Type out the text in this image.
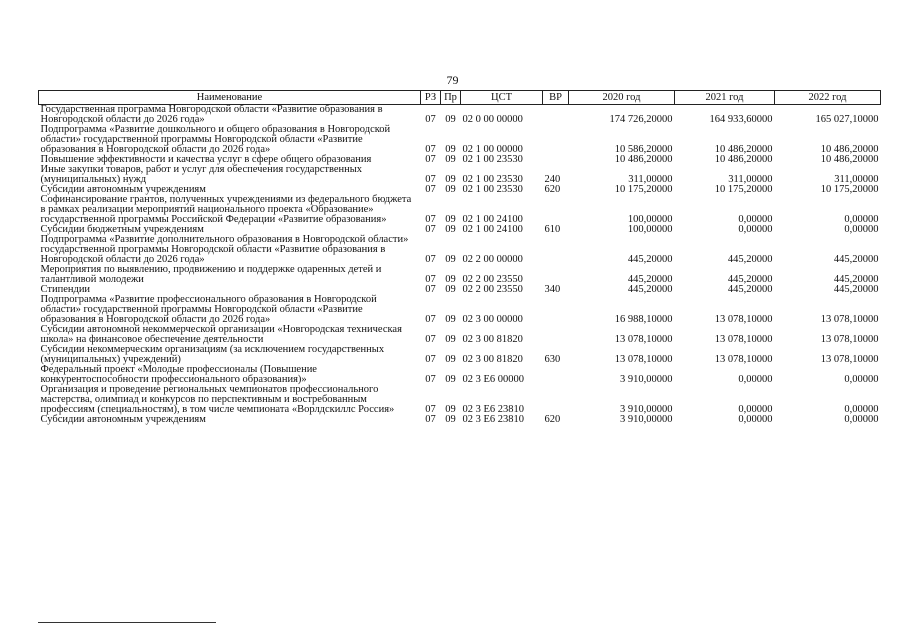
79
Наименование	РЗ	Пр	ЦСТ	ВР	2020 год	2021 год	2022 год
Государственная программа Новгородской области «Развитие образования в Новгородской области до 2026 года»	07	09	02 0 00 00000		174 726,20000	164 933,60000	165 027,10000
Подпрограмма «Развитие дошкольного и общего образования в Новгородской области» государственной программы Новгородской области «Развитие образования в Новгородской области до 2026 года»	07	09	02 1 00 00000		10 586,20000	10 486,20000	10 486,20000
Повышение эффективности и качества услуг в сфере общего образования	07	09	02 1 00 23530		10 486,20000	10 486,20000	10 486,20000
Иные закупки товаров, работ и услуг для обеспечения государственных (муниципальных) нужд	07	09	02 1 00 23530	240	311,00000	311,00000	311,00000
Субсидии автономным учреждениям	07	09	02 1 00 23530	620	10 175,20000	10 175,20000	10 175,20000
Софинансирование грантов, полученных учреждениями из федерального бюджета в рамках реализации мероприятий национального проекта «Образование» государственной программы Российской Федерации «Развитие образования»	07	09	02 1 00 24100		100,00000	0,00000	0,00000
Субсидии бюджетным учреждениям	07	09	02 1 00 24100	610	100,00000	0,00000	0,00000
Подпрограмма «Развитие дополнительного образования в Новгородской области» государственной программы Новгородской области «Развитие образования в Новгородской области до 2026 года»	07	09	02 2 00 00000		445,20000	445,20000	445,20000
Мероприятия по выявлению, продвижению и поддержке одаренных детей и талантливой молодежи	07	09	02 2 00 23550		445,20000	445,20000	445,20000
Стипендии	07	09	02 2 00 23550	340	445,20000	445,20000	445,20000
Подпрограмма «Развитие профессионального образования в Новгородской области» государственной программы Новгородской области «Развитие образования в Новгородской области до 2026 года»	07	09	02 3 00 00000		16 988,10000	13 078,10000	13 078,10000
Субсидии автономной некоммерческой организации «Новгородская техническая школа» на финансовое обеспечение деятельности	07	09	02 3 00 81820		13 078,10000	13 078,10000	13 078,10000
Субсидии некоммерческим организациям (за исключением государственных (муниципальных) учреждений)	07	09	02 3 00 81820	630	13 078,10000	13 078,10000	13 078,10000
Федеральный проект «Молодые профессионалы (Повышение конкурентоспособности профессионального образования)»	07	09	02 3 E6 00000		3 910,00000	0,00000	0,00000
Организация и проведение региональных чемпионатов профессионального мастерства, олимпиад и конкурсов по перспективным и востребованным профессиям (специальностям), в том числе чемпионата «Ворлдскиллс Россия»	07	09	02 3 E6 23810		3 910,00000	0,00000	0,00000
Субсидии автономным учреждениям	07	09	02 3 E6 23810	620	3 910,00000	0,00000	0,00000
